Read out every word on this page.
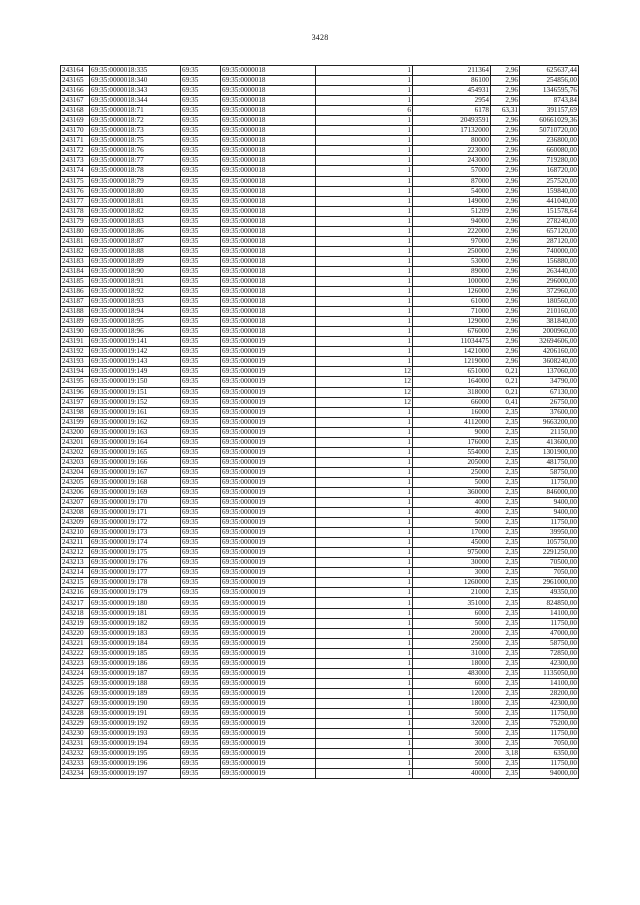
3428
243164	69:35:0000018:335	69:35	69:35:0000018	1	211364	2,96	625637,44
243165	69:35:0000018:340	69:35	69:35:0000018	1	86100	2,96	254856,00
243166	69:35:0000018:343	69:35	69:35:0000018	1	454931	2,96	1346595,76
243167	69:35:0000018:344	69:35	69:35:0000018	1	2954	2,96	8743,84
243168	69:35:0000018:71	69:35	69:35:0000018	6	6178	63,31	391157,69
243169	69:35:0000018:72	69:35	69:35:0000018	1	20493591	2,96	60661029,36
243170	69:35:0000018:73	69:35	69:35:0000018	1	17132000	2,96	50710720,00
243171	69:35:0000018:75	69:35	69:35:0000018	1	80000	2,96	236800,00
243172	69:35:0000018:76	69:35	69:35:0000018	1	223000	2,96	660080,00
243173	69:35:0000018:77	69:35	69:35:0000018	1	243000	2,96	719280,00
243174	69:35:0000018:78	69:35	69:35:0000018	1	57000	2,96	168720,00
243175	69:35:0000018:79	69:35	69:35:0000018	1	87000	2,96	257520,00
243176	69:35:0000018:80	69:35	69:35:0000018	1	54000	2,96	159840,00
243177	69:35:0000018:81	69:35	69:35:0000018	1	149000	2,96	441040,00
243178	69:35:0000018:82	69:35	69:35:0000018	1	51209	2,96	151578,64
243179	69:35:0000018:83	69:35	69:35:0000018	1	94000	2,96	278240,00
243180	69:35:0000018:86	69:35	69:35:0000018	1	222000	2,96	657120,00
243181	69:35:0000018:87	69:35	69:35:0000018	1	97000	2,96	287120,00
243182	69:35:0000018:88	69:35	69:35:0000018	1	250000	2,96	740000,00
243183	69:35:0000018:89	69:35	69:35:0000018	1	53000	2,96	156880,00
243184	69:35:0000018:90	69:35	69:35:0000018	1	89000	2,96	263440,00
243185	69:35:0000018:91	69:35	69:35:0000018	1	100000	2,96	296000,00
243186	69:35:0000018:92	69:35	69:35:0000018	1	126000	2,96	372960,00
243187	69:35:0000018:93	69:35	69:35:0000018	1	61000	2,96	180560,00
243188	69:35:0000018:94	69:35	69:35:0000018	1	71000	2,96	210160,00
243189	69:35:0000018:95	69:35	69:35:0000018	1	129000	2,96	381840,00
243190	69:35:0000018:96	69:35	69:35:0000018	1	676000	2,96	2000960,00
243191	69:35:0000019:141	69:35	69:35:0000019	1	11034475	2,96	32694606,00
243192	69:35:0000019:142	69:35	69:35:0000019	1	1421000	2,96	4206160,00
243193	69:35:0000019:143	69:35	69:35:0000019	1	1219000	2,96	3608240,00
243194	69:35:0000019:149	69:35	69:35:0000019	12	651000	0,21	137060,00
243195	69:35:0000019:150	69:35	69:35:0000019	12	164000	0,21	34790,00
243196	69:35:0000019:151	69:35	69:35:0000019	12	318000	0,21	67130,00
243197	69:35:0000019:152	69:35	69:35:0000019	12	66000	0,41	26750,00
243198	69:35:0000019:161	69:35	69:35:0000019	1	16000	2,35	37600,00
243199	69:35:0000019:162	69:35	69:35:0000019	1	4112000	2,35	9663200,00
243200	69:35:0000019:163	69:35	69:35:0000019	1	9000	2,35	21150,00
243201	69:35:0000019:164	69:35	69:35:0000019	1	176000	2,35	413600,00
243202	69:35:0000019:165	69:35	69:35:0000019	1	554000	2,35	1301900,00
243203	69:35:0000019:166	69:35	69:35:0000019	1	205000	2,35	481750,00
243204	69:35:0000019:167	69:35	69:35:0000019	1	25000	2,35	58750,00
243205	69:35:0000019:168	69:35	69:35:0000019	1	5000	2,35	11750,00
243206	69:35:0000019:169	69:35	69:35:0000019	1	360000	2,35	846000,00
243207	69:35:0000019:170	69:35	69:35:0000019	1	4000	2,35	9400,00
243208	69:35:0000019:171	69:35	69:35:0000019	1	4000	2,35	9400,00
243209	69:35:0000019:172	69:35	69:35:0000019	1	5000	2,35	11750,00
243210	69:35:0000019:173	69:35	69:35:0000019	1	17000	2,35	39950,00
243211	69:35:0000019:174	69:35	69:35:0000019	1	45000	2,35	105750,00
243212	69:35:0000019:175	69:35	69:35:0000019	1	975000	2,35	2291250,00
243213	69:35:0000019:176	69:35	69:35:0000019	1	30000	2,35	70500,00
243214	69:35:0000019:177	69:35	69:35:0000019	1	3000	2,35	7050,00
243215	69:35:0000019:178	69:35	69:35:0000019	1	1260000	2,35	2961000,00
243216	69:35:0000019:179	69:35	69:35:0000019	1	21000	2,35	49350,00
243217	69:35:0000019:180	69:35	69:35:0000019	1	351000	2,35	824850,00
243218	69:35:0000019:181	69:35	69:35:0000019	1	6000	2,35	14100,00
243219	69:35:0000019:182	69:35	69:35:0000019	1	5000	2,35	11750,00
243220	69:35:0000019:183	69:35	69:35:0000019	1	20000	2,35	47000,00
243221	69:35:0000019:184	69:35	69:35:0000019	1	25000	2,35	58750,00
243222	69:35:0000019:185	69:35	69:35:0000019	1	31000	2,35	72850,00
243223	69:35:0000019:186	69:35	69:35:0000019	1	18000	2,35	42300,00
243224	69:35:0000019:187	69:35	69:35:0000019	1	483000	2,35	1135050,00
243225	69:35:0000019:188	69:35	69:35:0000019	1	6000	2,35	14100,00
243226	69:35:0000019:189	69:35	69:35:0000019	1	12000	2,35	28200,00
243227	69:35:0000019:190	69:35	69:35:0000019	1	18000	2,35	42300,00
243228	69:35:0000019:191	69:35	69:35:0000019	1	5000	2,35	11750,00
243229	69:35:0000019:192	69:35	69:35:0000019	1	32000	2,35	75200,00
243230	69:35:0000019:193	69:35	69:35:0000019	1	5000	2,35	11750,00
243231	69:35:0000019:194	69:35	69:35:0000019	1	3000	2,35	7050,00
243232	69:35:0000019:195	69:35	69:35:0000019	1	2000	3,18	6350,00
243233	69:35:0000019:196	69:35	69:35:0000019	1	5000	2,35	11750,00
243234	69:35:0000019:197	69:35	69:35:0000019	1	40000	2,35	94000,00
